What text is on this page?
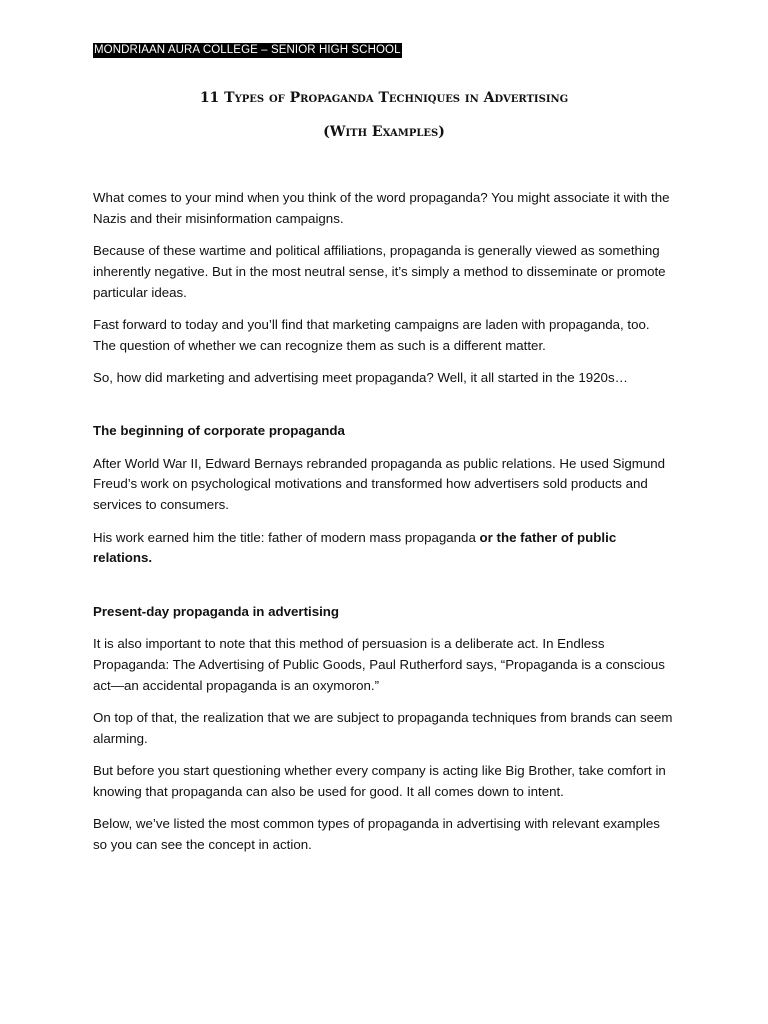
MONDRIAAN AURA COLLEGE – SENIOR HIGH SCHOOL
11 Types of Propaganda Techniques in Advertising
(With Examples)

What comes to your mind when you think of the word propaganda? You might associate it with the Nazis and their misinformation campaigns.

Because of these wartime and political affiliations, propaganda is generally viewed as something inherently negative. But in the most neutral sense, it’s simply a method to disseminate or promote particular ideas.

Fast forward to today and you’ll find that marketing campaigns are laden with propaganda, too. The question of whether we can recognize them as such is a different matter.

So, how did marketing and advertising meet propaganda? Well, it all started in the 1920s…

The beginning of corporate propaganda

After World War II, Edward Bernays rebranded propaganda as public relations. He used Sigmund Freud’s work on psychological motivations and transformed how advertisers sold products and services to consumers.

His work earned him the title: father of modern mass propaganda or the father of public relations.

Present-day propaganda in advertising

It is also important to note that this method of persuasion is a deliberate act. In Endless Propaganda: The Advertising of Public Goods, Paul Rutherford says, “Propaganda is a conscious act—an accidental propaganda is an oxymoron.”

On top of that, the realization that we are subject to propaganda techniques from brands can seem alarming.

But before you start questioning whether every company is acting like Big Brother, take comfort in knowing that propaganda can also be used for good. It all comes down to intent.

Below, we’ve listed the most common types of propaganda in advertising with relevant examples so you can see the concept in action.
